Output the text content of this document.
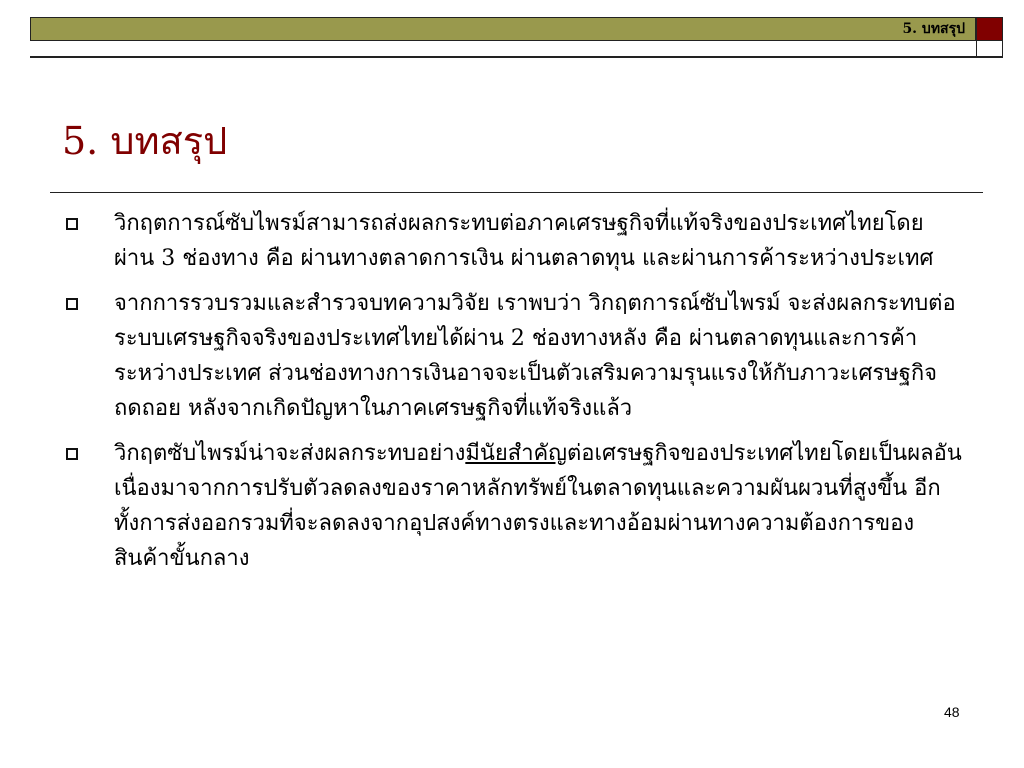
5. บทสรุป
5. บทสรุป
วิกฤตการณ์ซับไพรม์สามารถส่งผลกระทบต่อภาคเศรษฐกิจที่แท้จริงของประเทศไทยโดยผ่าน 3 ช่องทาง คือ ผ่านทางตลาดการเงิน ผ่านตลาดทุน และผ่านการค้าระหว่างประเทศ
จากการรวบรวมและสำรวจบทความวิจัย เราพบว่า วิกฤตการณ์ซับไพรม์ จะส่งผลกระทบต่อระบบเศรษฐกิจจริงของประเทศไทยได้ผ่าน 2 ช่องทางหลัง คือ ผ่านตลาดทุนและการค้าระหว่างประเทศ ส่วนช่องทางการเงินอาจจะเป็นตัวเสริมความรุนแรงให้กับภาวะเศรษฐกิจถดถอย หลังจากเกิดปัญหาในภาคเศรษฐกิจที่แท้จริงแล้ว
วิกฤตซับไพรม์น่าจะส่งผลกระทบอย่างมีนัยสำคัญต่อเศรษฐกิจของประเทศไทยโดยเป็นผลอันเนื่องมาจากการปรับตัวลดลงของราคาหลักทรัพย์ในตลาดทุนและความผันผวนที่สูงขึ้น อีกทั้งการส่งออกรวมที่จะลดลงจากอุปสงค์ทางตรงและทางอ้อมผ่านทางความต้องการของสินค้าขั้นกลาง
48
